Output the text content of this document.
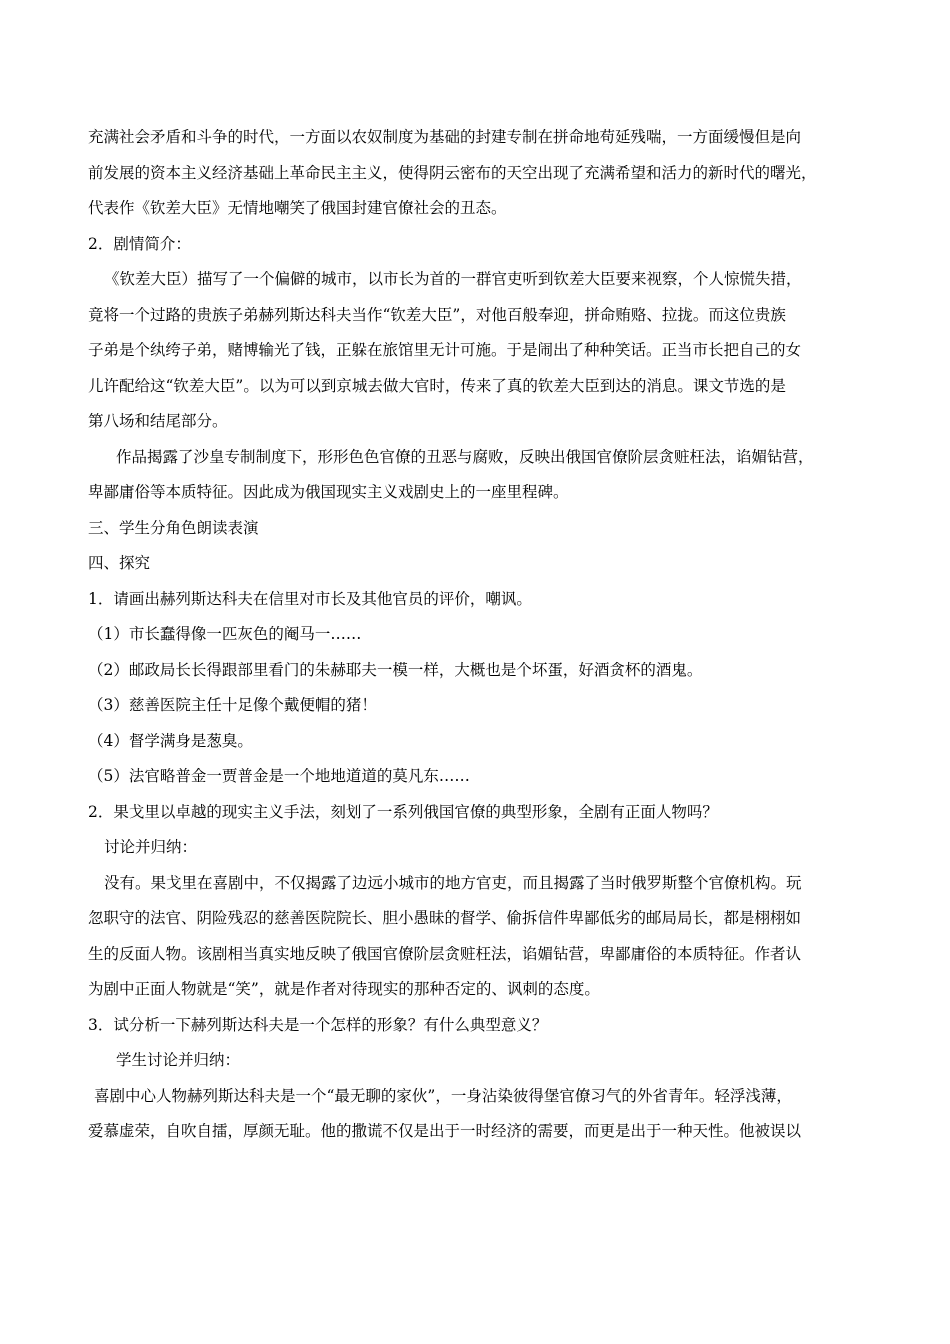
充满社会矛盾和斗争的时代，一方面以农奴制度为基础的封建专制在拼命地苟延残喘，一方面缓慢但是向
前发展的资本主义经济基础上革命民主主义，使得阴云密布的天空出现了充满希望和活力的新时代的曙光，
代表作《钦差大臣》无情地嘲笑了俄国封建官僚社会的丑态。
2．剧情简介：
《钦差大臣）描写了一个偏僻的城市，以市长为首的一群官吏听到钦差大臣要来视察，个人惊慌失措，
竟将一个过路的贵族子弟赫列斯达科夫当作“钦差大臣”，对他百般奉迎，拼命贿赂、拉拢。而这位贵族
子弟是个纨绔子弟，赌博输光了钱，正躲在旅馆里无计可施。于是闹出了种种笑话。正当市长把自己的女
儿许配给这“钦差大臣”。以为可以到京城去做大官时，传来了真的钦差大臣到达的消息。课文节选的是
第八场和结尾部分。
作品揭露了沙皇专制制度下，形形色色官僚的丑恶与腐败，反映出俄国官僚阶层贪赃枉法，谄媚钻营，
卑鄙庸俗等本质特征。因此成为俄国现实主义戏剧史上的一座里程碑。
三、学生分角色朗读表演
四、探究
1．请画出赫列斯达科夫在信里对市长及其他官员的评价，嘲讽。
（1）市长蠢得像一匹灰色的阉马一……
（2）邮政局长长得跟部里看门的朱赫耶夫一模一样，大概也是个坏蛋，好酒贪杯的酒鬼。
（3）慈善医院主任十足像个戴便帽的猪！
（4）督学满身是葱臭。
（5）法官略普金一贾普金是一个地地道道的莫凡东……
2．果戈里以卓越的现实主义手法，刻划了一系列俄国官僚的典型形象，全剧有正面人物吗？
讨论并归纳：
没有。果戈里在喜剧中，不仅揭露了边远小城市的地方官吏，而且揭露了当时俄罗斯整个官僚机构。玩
忽职守的法官、阴险残忍的慈善医院院长、胆小愚昧的督学、偷拆信件卑鄙低劣的邮局局长，都是栩栩如
生的反面人物。该剧相当真实地反映了俄国官僚阶层贪赃枉法，谄媚钻营，卑鄙庸俗的本质特征。作者认
为剧中正面人物就是“笑”，就是作者对待现实的那种否定的、讽刺的态度。
3．试分析一下赫列斯达科夫是一个怎样的形象？有什么典型意义？
学生讨论并归纳：
喜剧中心人物赫列斯达科夫是一个“最无聊的家伙”，一身沾染彼得堡官僚习气的外省青年。轻浮浅薄，
爱慕虚荣，自吹自擂，厚颜无耻。他的撒谎不仅是出于一时经济的需要，而更是出于一种天性。他被误以
